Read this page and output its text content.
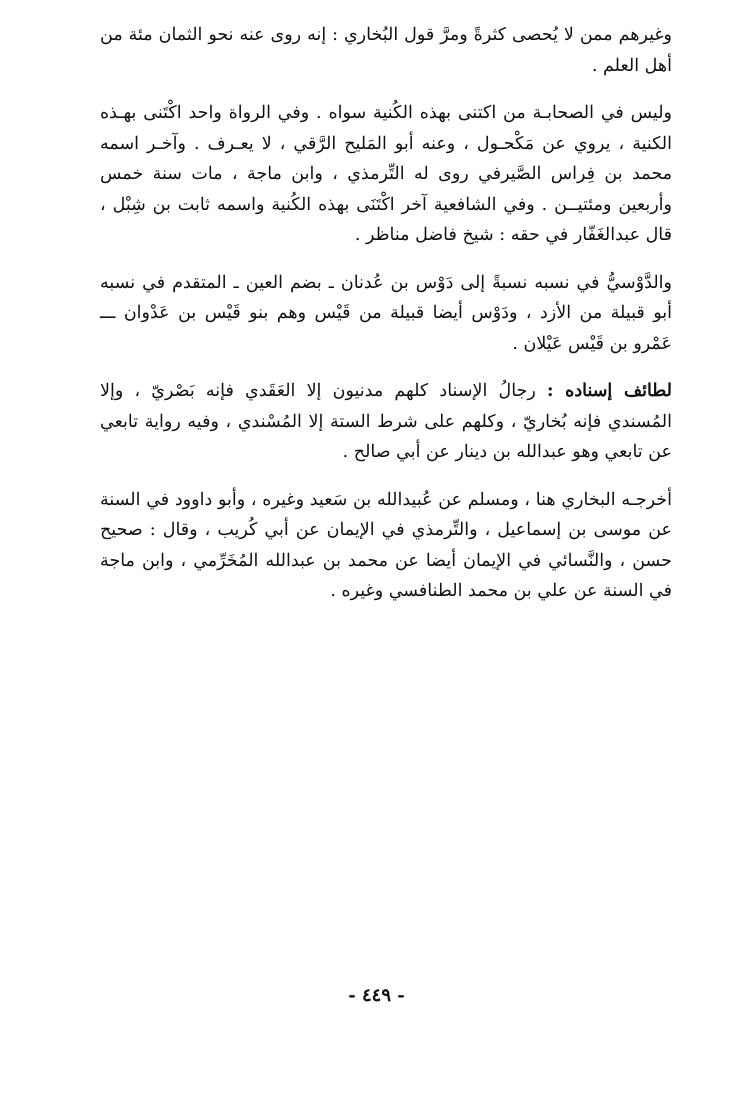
وغيرهم ممن لا يُحصى كثرةً ومرَّ قول البُخاري : إنه روى عنه نحو الثمان مئة من أهل العلم .

وليس في الصحابـة من اكتنى بهذه الكُنية سواه . وفي الرواة واحد اكْتَنى بهـذه الكنية ، يروي عن مَكْحـول ، وعنه أبو المَليح الرَّقي ، لا يعـرف . وآخـر اسمه محمد بن فِراس الصَّيرفي روى له التِّرمذي ، وابن ماجة ، مات سنة خمس وأربعين ومئتيــن . وفي الشافعية آخر اكْتَنَى بهذه الكُنية واسمه ثابت بن شِبْل ، قال عبدالغَفّار في حقه : شيخ فاضل مناظر .

والدَّوْسيُّ في نسبه نسبةً إلى دَوْس بن عُدنان ـ بضم العين ـ المتقدم في نسبه أبو قبيلة من الأزد ، ودَوْس أيضا قبيلة من قَيْس وهم بنو قَيْس بن عَدْوان ـــ عَمْرو بن قَيْس عَيْلان .

لطائف إسناده : رجالُ الإسناد كلهم مدنيون إلا العَقَدي فإنه بَصْريّ ، وإلا المُسندي فإنه بُخاريّ ، وكلهم على شرط الستة إلا المُسْندي ، وفيه رواية تابعي عن تابعي وهو عبدالله بن دينار عن أبي صالح .

أخرجـه البخاري هنا ، ومسلم عن عُبيدالله بن سَعيد وغيره ، وأبو داوود في السنة عن موسى بن إسماعيل ، والتِّرمذي في الإيمان عن أبي كُريب ، وقال : صحيح حسن ، والنَّسائي في الإيمان أيضا عن محمد بن عبدالله المُخَرِّمي ، وابن ماجة في السنة عن علي بن محمد الطنافسي وغيره .

- ٤٤٩ -
